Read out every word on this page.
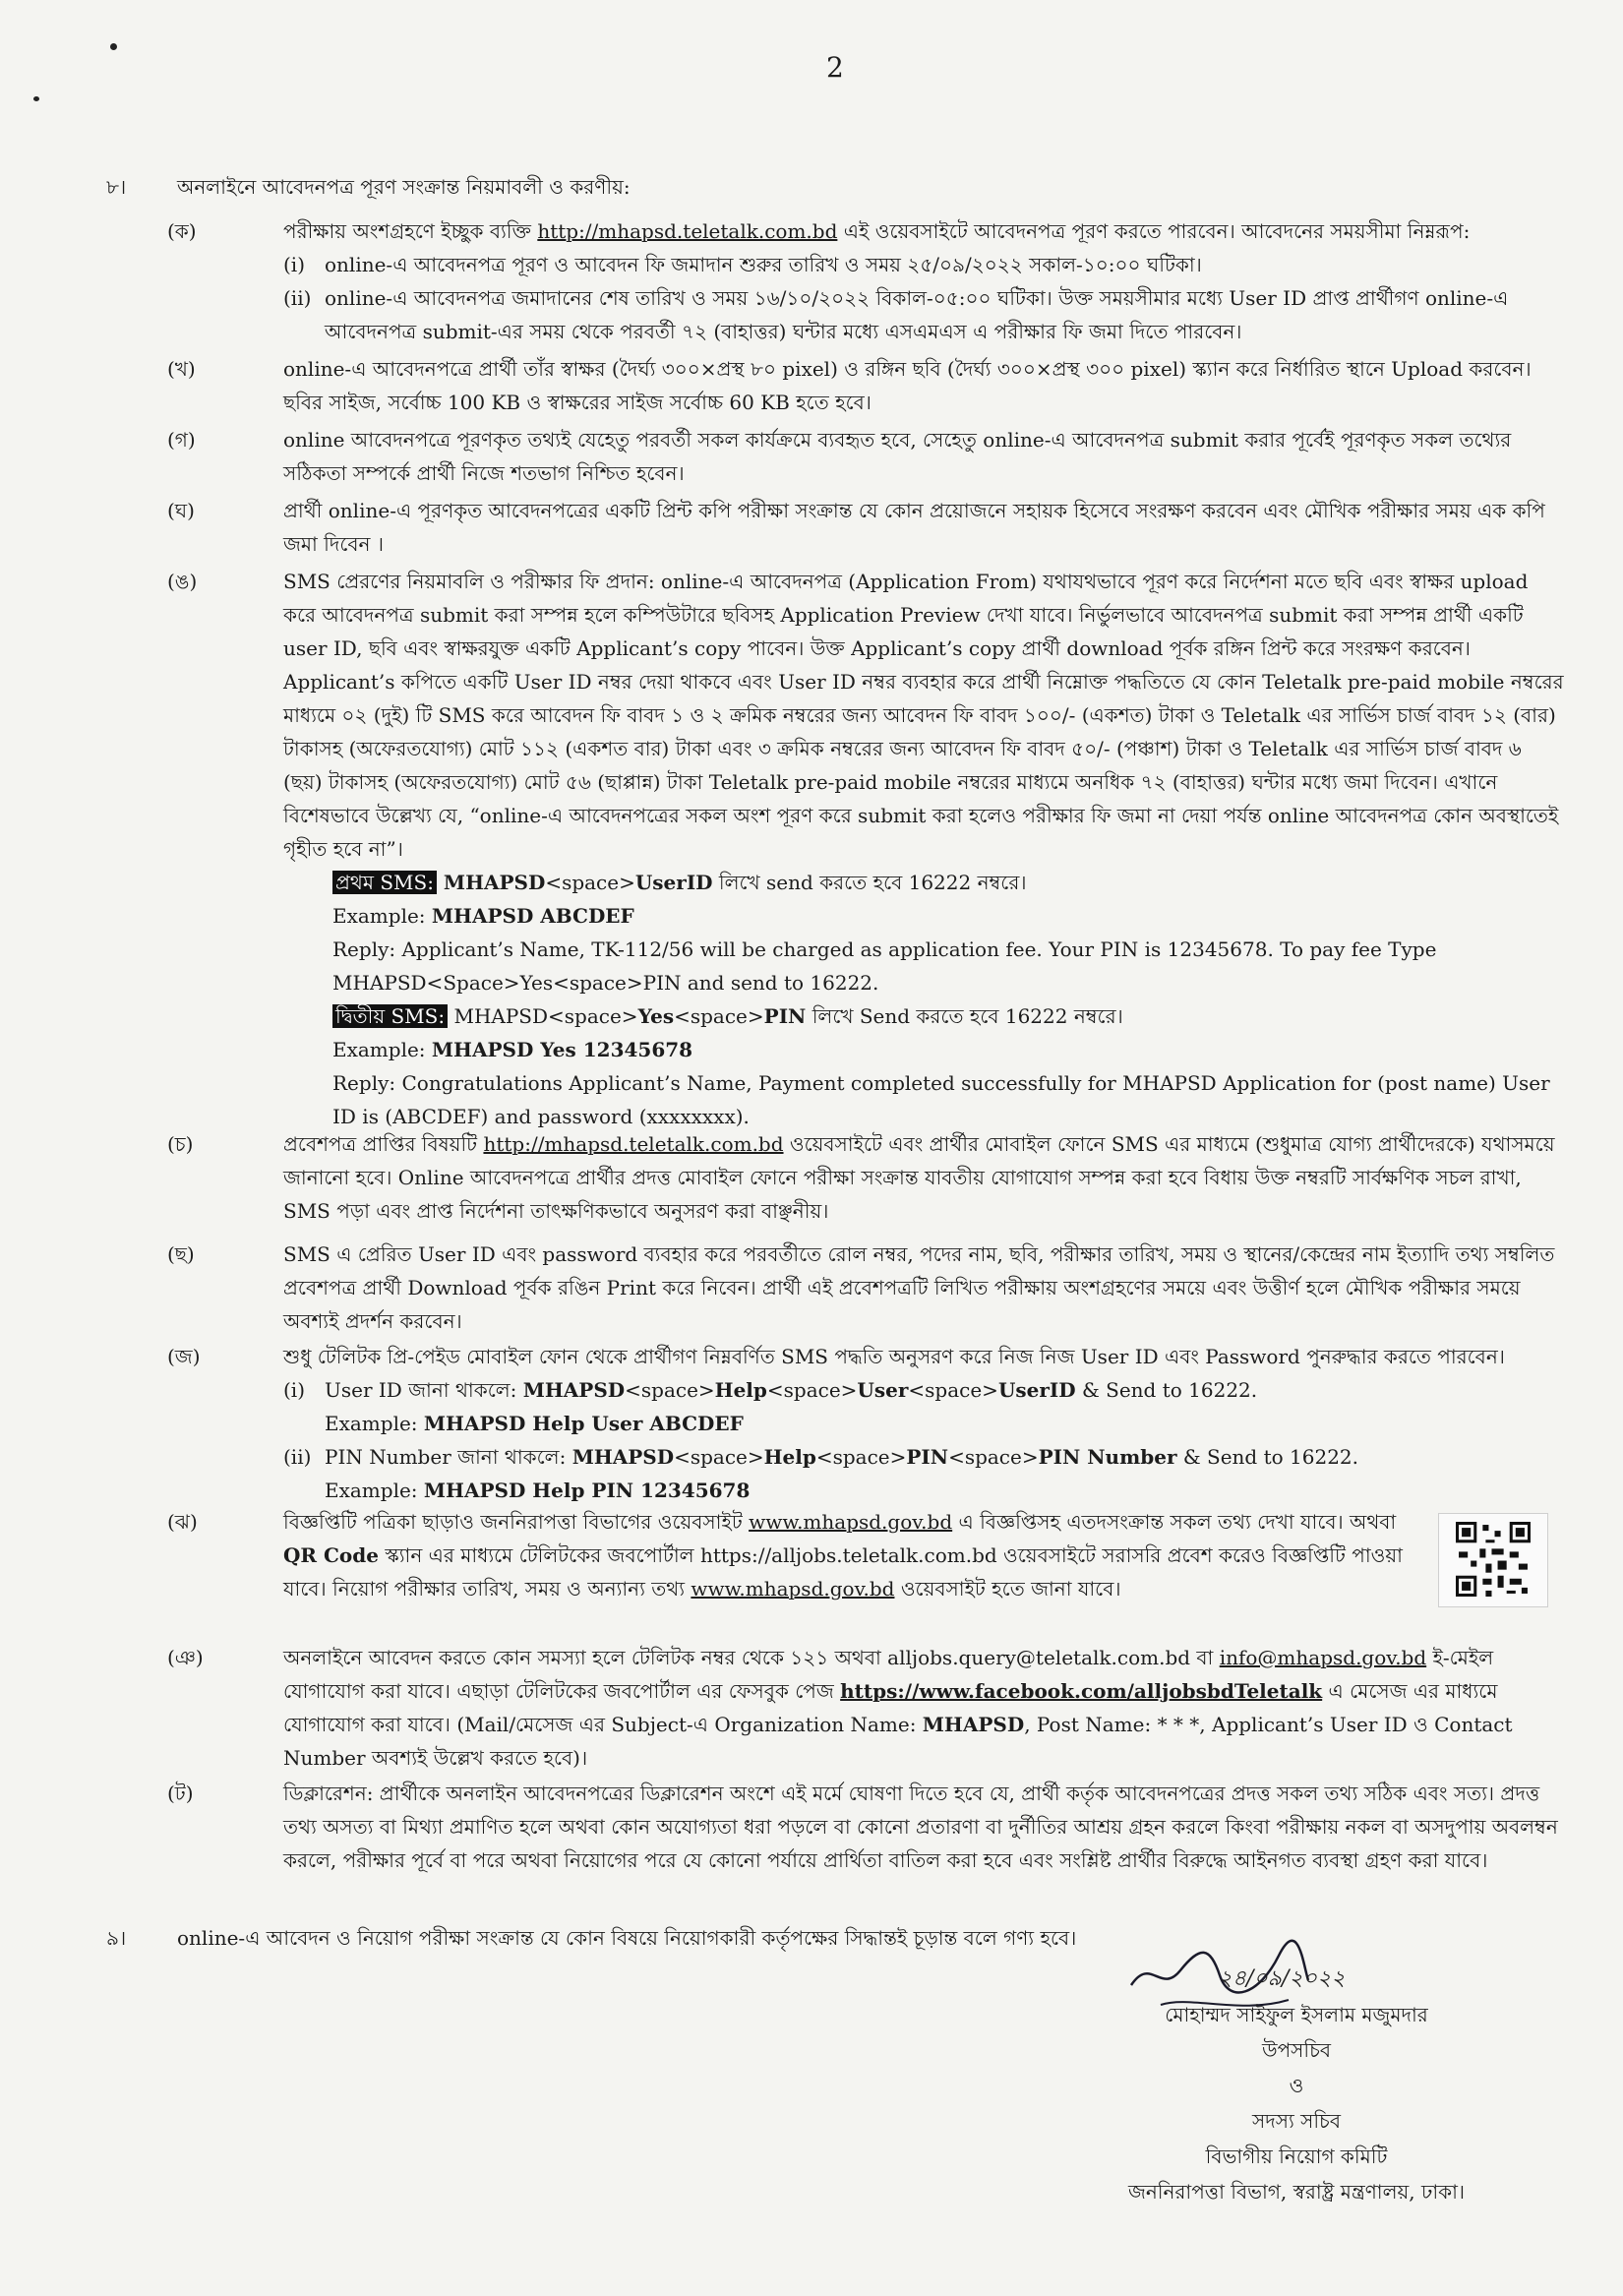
2
৮।	অনলাইনে আবেদনপত্র পূরণ সংক্রান্ত নিয়মাবলী ও করণীয়:
(ক)	পরীক্ষায় অংশগ্রহণে ইচ্ছুক ব্যক্তি http://mhapsd.teletalk.com.bd এই ওয়েবসাইটে আবেদনপত্র পূরণ করতে পারবেন। আবেদনের সময়সীমা নিম্নরূপ:
(i) online-এ আবেদনপত্র পূরণ ও আবেদন ফি জমাদান শুরুর তারিখ ও সময় ২৫/০৯/২০২২ সকাল-১০:০০ ঘটিকা।
(ii) online-এ আবেদনপত্র জমাদানের শেষ তারিখ ও সময় ১৬/১০/২০২২ বিকাল-০৫:০০ ঘটিকা। উক্ত সময়সীমার মধ্যে User ID প্রাপ্ত প্রার্থীগণ online-এ আবেদনপত্র submit-এর সময় থেকে পরবর্তী ৭২ (বাহাত্তর) ঘন্টার মধ্যে এসএমএস এ পরীক্ষার ফি জমা দিতে পারবেন।
(খ)	online-এ আবেদনপত্রে প্রার্থী তাঁর স্বাক্ষর (দৈর্ঘ্য ৩০০×প্রস্থ ৮০ pixel) ও রঙ্গিন ছবি (দৈর্ঘ্য ৩০০×প্রস্থ ৩০০ pixel) স্ক্যান করে নির্ধারিত স্থানে Upload করবেন। ছবির সাইজ, সর্বোচ্চ 100 KB ও স্বাক্ষরের সাইজ সর্বোচ্চ 60 KB হতে হবে।
(গ)	online আবেদনপত্রে পূরণকৃত তথ্যই যেহেতু পরবর্তী সকল কার্যক্রমে ব্যবহৃত হবে, সেহেতু online-এ আবেদনপত্র submit করার পূর্বেই পূরণকৃত সকল তথ্যের সঠিকতা সম্পর্কে প্রার্থী নিজে শতভাগ নিশ্চিত হবেন।
(ঘ)	প্রার্থী online-এ পূরণকৃত আবেদনপত্রের একটি প্রিন্ট কপি পরীক্ষা সংক্রান্ত যে কোন প্রয়োজনে সহায়ক হিসেবে সংরক্ষণ করবেন এবং মৌখিক পরীক্ষার সময় এক কপি জমা দিবেন ।
(ঙ)	SMS প্রেরণের নিয়মাবলি ও পরীক্ষার ফি প্রদান: online-এ আবেদনপত্র (Application From) যথাযথভাবে পূরণ করে নির্দেশনা মতে ছবি এবং স্বাক্ষর upload করে আবেদনপত্র submit করা সম্পন্ন হলে কম্পিউটারে ছবিসহ Application Preview দেখা যাবে। নির্ভুলভাবে আবেদনপত্র submit করা সম্পন্ন প্রার্থী একটি user ID, ছবি এবং স্বাক্ষরযুক্ত একটি Applicant’s copy পাবেন। উক্ত Applicant’s copy প্রার্থী download পূর্বক রঙ্গিন প্রিন্ট করে সংরক্ষণ করবেন। Applicant’s কপিতে একটি User ID নম্বর দেয়া থাকবে এবং User ID নম্বর ব্যবহার করে প্রার্থী নিম্নোক্ত পদ্ধতিতে যে কোন Teletalk pre-paid mobile নম্বরের মাধ্যমে ০২ (দুই) টি SMS করে আবেদন ফি বাবদ ১ ও ২ ক্রমিক নম্বরের জন্য আবেদন ফি বাবদ ১০০/- (একশত) টাকা ও Teletalk এর সার্ভিস চার্জ বাবদ ১২ (বার) টাকাসহ (অফেরতযোগ্য) মোট ১১২ (একশত বার) টাকা এবং ৩ ক্রমিক নম্বরের জন্য আবেদন ফি বাবদ ৫০/- (পঞ্চাশ) টাকা ও Teletalk এর সার্ভিস চার্জ বাবদ ৬ (ছয়) টাকাসহ (অফেরতযোগ্য) মোট ৫৬ (ছাপ্পান্ন) টাকা Teletalk pre-paid mobile নম্বরের মাধ্যমে অনধিক ৭২ (বাহাত্তর) ঘন্টার মধ্যে জমা দিবেন। এখানে বিশেষভাবে উল্লেখ্য যে, “online-এ আবেদনপত্রের সকল অংশ পূরণ করে submit করা হলেও পরীক্ষার ফি জমা না দেয়া পর্যন্ত online আবেদনপত্র কোন অবস্থাতেই গৃহীত হবে না”।
প্রথম SMS: MHAPSD<space>UserID লিখে send করতে হবে 16222 নম্বরে।
Example: MHAPSD ABCDEF
Reply: Applicant’s Name, TK-112/56 will be charged as application fee. Your PIN is 12345678. To pay fee Type MHAPSD<Space>Yes<space>PIN and send to 16222.
দ্বিতীয় SMS: MHAPSD<space>Yes<space>PIN লিখে Send করতে হবে 16222 নম্বরে।
Example: MHAPSD Yes 12345678
Reply: Congratulations Applicant’s Name, Payment completed successfully for MHAPSD Application for (post name) User ID is (ABCDEF) and password (xxxxxxxx).
(চ)	প্রবেশপত্র প্রাপ্তির বিষয়টি http://mhapsd.teletalk.com.bd ওয়েবসাইটে এবং প্রার্থীর মোবাইল ফোনে SMS এর মাধ্যমে (শুধুমাত্র যোগ্য প্রার্থীদেরকে) যথাসময়ে জানানো হবে। Online আবেদনপত্রে প্রার্থীর প্রদত্ত মোবাইল ফোনে পরীক্ষা সংক্রান্ত যাবতীয় যোগাযোগ সম্পন্ন করা হবে বিধায় উক্ত নম্বরটি সার্বক্ষণিক সচল রাখা, SMS পড়া এবং প্রাপ্ত নির্দেশনা তাৎক্ষণিকভাবে অনুসরণ করা বাঞ্ছনীয়।
(ছ)	SMS এ প্রেরিত User ID এবং password ব্যবহার করে পরবর্তীতে রোল নম্বর, পদের নাম, ছবি, পরীক্ষার তারিখ, সময় ও স্থানের/কেন্দ্রের নাম ইত্যাদি তথ্য সম্বলিত প্রবেশপত্র প্রার্থী Download পূর্বক রঙিন Print করে নিবেন। প্রার্থী এই প্রবেশপত্রটি লিখিত পরীক্ষায় অংশগ্রহণের সময়ে এবং উত্তীর্ণ হলে মৌখিক পরীক্ষার সময়ে অবশ্যই প্রদর্শন করবেন।
(জ)	শুধু টেলিটক প্রি-পেইড মোবাইল ফোন থেকে প্রার্থীগণ নিম্নবর্ণিত SMS পদ্ধতি অনুসরণ করে নিজ নিজ User ID এবং Password পুনরুদ্ধার করতে পারবেন।
(i) User ID জানা থাকলে: MHAPSD<space>Help<space>User<space>UserID & Send to 16222.
Example: MHAPSD Help User ABCDEF
(ii) PIN Number জানা থাকলে: MHAPSD<space>Help<space>PIN<space>PIN Number & Send to 16222.
Example: MHAPSD Help PIN 12345678
(ঝ)	বিজ্ঞপ্তিটি পত্রিকা ছাড়াও জননিরাপত্তা বিভাগের ওয়েবসাইট www.mhapsd.gov.bd এ বিজ্ঞপ্তিসহ এতদসংক্রান্ত সকল তথ্য দেখা যাবে। অথবা QR Code স্ক্যান এর মাধ্যমে টেলিটকের জবপোর্টাল https://alljobs.teletalk.com.bd ওয়েবসাইটে সরাসরি প্রবেশ করেও বিজ্ঞপ্তিটি পাওয়া যাবে। নিয়োগ পরীক্ষার তারিখ, সময় ও অন্যান্য তথ্য www.mhapsd.gov.bd ওয়েবসাইট হতে জানা যাবে।
(ঞ)	অনলাইনে আবেদন করতে কোন সমস্যা হলে টেলিটক নম্বর থেকে ১২১ অথবা alljobs.query@teletalk.com.bd বা info@mhapsd.gov.bd ই-মেইল যোগাযোগ করা যাবে। এছাড়া টেলিটকের জবপোর্টাল এর ফেসবুক পেজ https://www.facebook.com/alljobsbdTeletalk এ মেসেজ এর মাধ্যমে যোগাযোগ করা যাবে। (Mail/মেসেজ এর Subject-এ Organization Name: MHAPSD, Post Name: * * *, Applicant’s User ID ও Contact Number অবশ্যই উল্লেখ করতে হবে)।
(ট)	ডিক্লারেশন: প্রার্থীকে অনলাইন আবেদনপত্রের ডিক্লারেশন অংশে এই মর্মে ঘোষণা দিতে হবে যে, প্রার্থী কর্তৃক আবেদনপত্রের প্রদত্ত সকল তথ্য সঠিক এবং সত্য। প্রদত্ত তথ্য অসত্য বা মিথ্যা প্রমাণিত হলে অথবা কোন অযোগ্যতা ধরা পড়লে বা কোনো প্রতারণা বা দুর্নীতির আশ্রয় গ্রহন করলে কিংবা পরীক্ষায় নকল বা অসদুপায় অবলম্বন করলে, পরীক্ষার পূর্বে বা পরে অথবা নিয়োগের পরে যে কোনো পর্যায়ে প্রার্থিতা বাতিল করা হবে এবং সংশ্লিষ্ট প্রার্থীর বিরুদ্ধে আইনগত ব্যবস্থা গ্রহণ করা যাবে।
৯।	online-এ আবেদন ও নিয়োগ পরীক্ষা সংক্রান্ত যে কোন বিষয়ে নিয়োগকারী কর্তৃপক্ষের সিদ্ধান্তই চূড়ান্ত বলে গণ্য হবে।
২৪/০৯/২০২২
মোহাম্মদ সাইফুল ইসলাম মজুমদার
উপসচিব
ও
সদস্য সচিব
বিভাগীয় নিয়োগ কমিটি
জননিরাপত্তা বিভাগ, স্বরাষ্ট্র মন্ত্রণালয়, ঢাকা।
